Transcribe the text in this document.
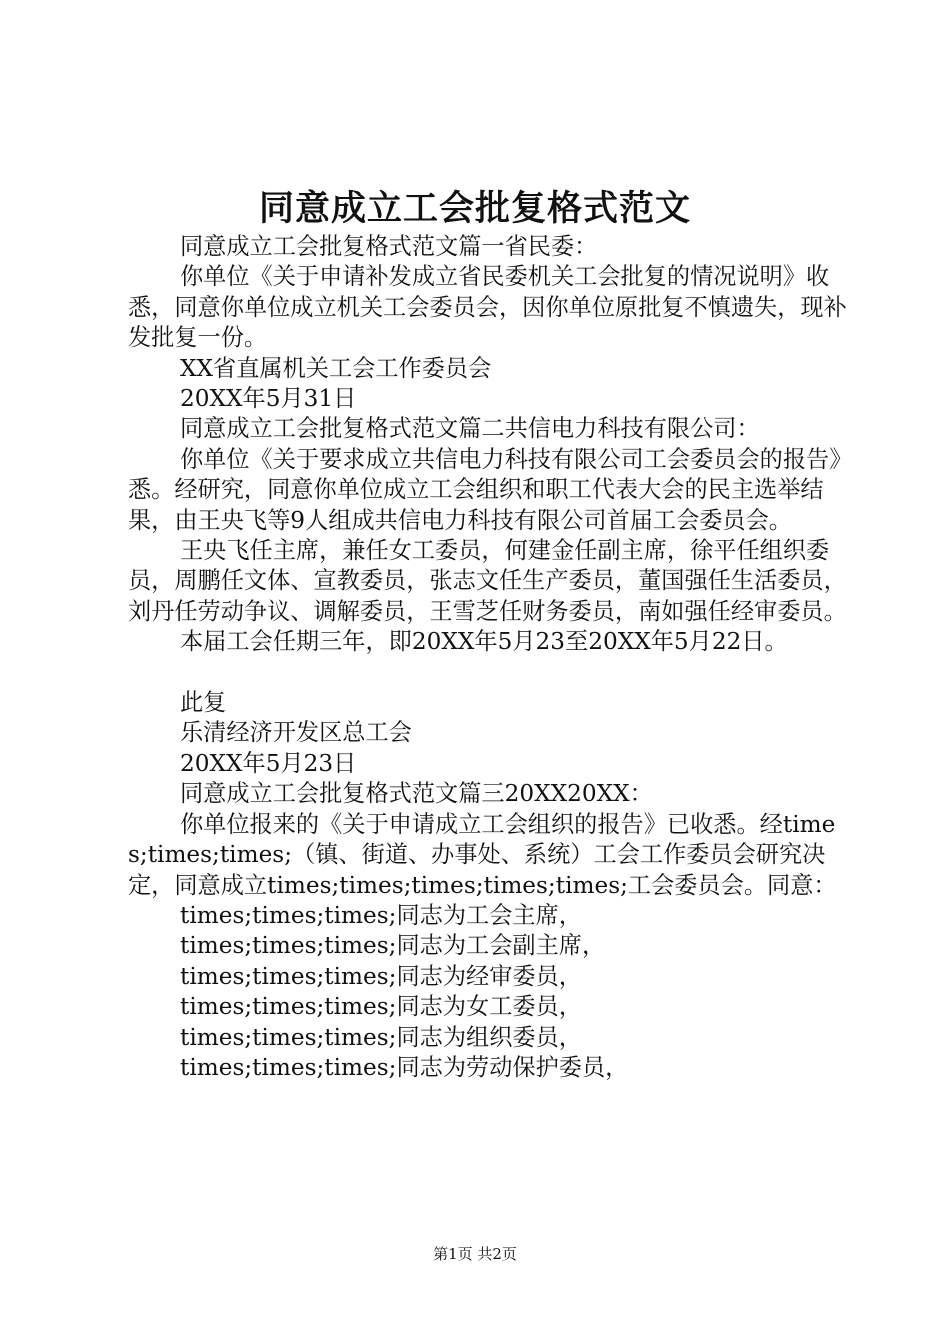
同意成立工会批复格式范文

同意成立工会批复格式范文篇一省民委：

你单位《关于申请补发成立省民委机关工会批复的情况说明》收悉，同意你单位成立机关工会委员会，因你单位原批复不慎遗失，现补发批复一份。

XX省直属机关工会工作委员会

20XX年5月31日

同意成立工会批复格式范文篇二共信电力科技有限公司：

你单位《关于要求成立共信电力科技有限公司工会委员会的报告》悉。经研究，同意你单位成立工会组织和职工代表大会的民主选举结果，由王央飞等9人组成共信电力科技有限公司首届工会委员会。

王央飞任主席，兼任女工委员，何建金任副主席，徐平任组织委员，周鹏任文体、宣教委员，张志文任生产委员，董国强任生活委员，刘丹任劳动争议、调解委员，王雪芝任财务委员，南如强任经审委员。

本届工会任期三年，即20XX年5月23至20XX年5月22日。

此复

乐清经济开发区总工会

20XX年5月23日

同意成立工会批复格式范文篇三20XX20XX：

你单位报来的《关于申请成立工会组织的报告》已收悉。经times;times;times;（镇、街道、办事处、系统）工会工作委员会研究决定，同意成立times;times;times;times;times;工会委员会。同意：

times;times;times;同志为工会主席，

times;times;times;同志为工会副主席，

times;times;times;同志为经审委员，

times;times;times;同志为女工委员，

times;times;times;同志为组织委员，

times;times;times;同志为劳动保护委员，

第1页 共2页
